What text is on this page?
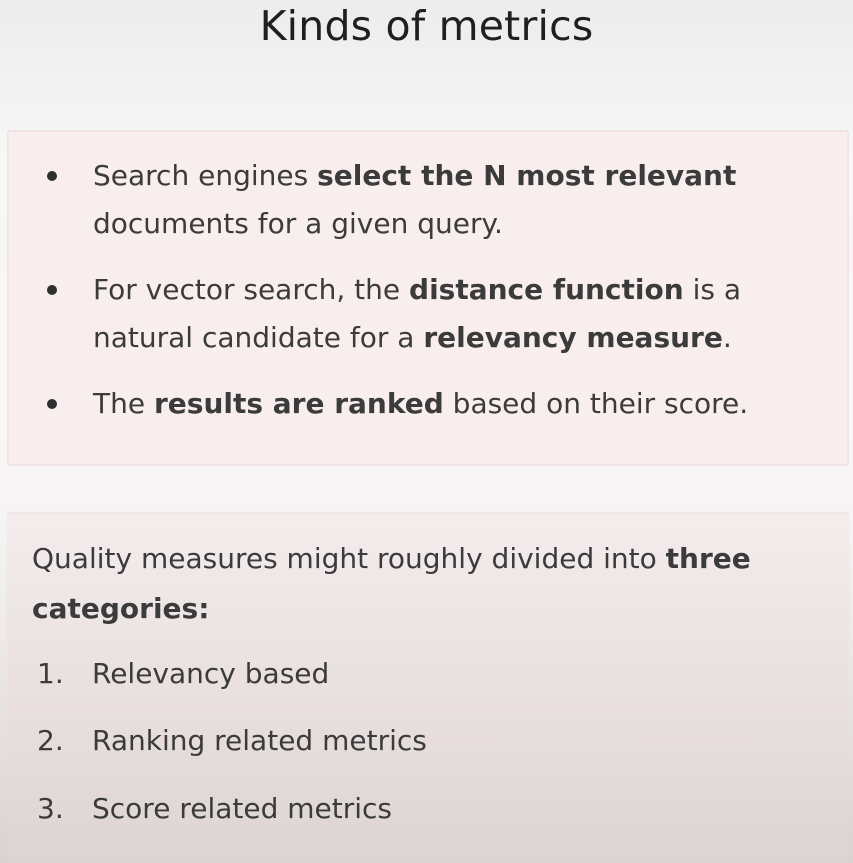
Kinds of metrics
Search engines select the N most relevant
documents for a given query.
For vector search, the distance function is a
natural candidate for a relevancy measure.
The results are ranked based on their score.
Quality measures might roughly divided into three
categories:
1.	Relevancy based
2.	Ranking related metrics
3.	Score related metrics
